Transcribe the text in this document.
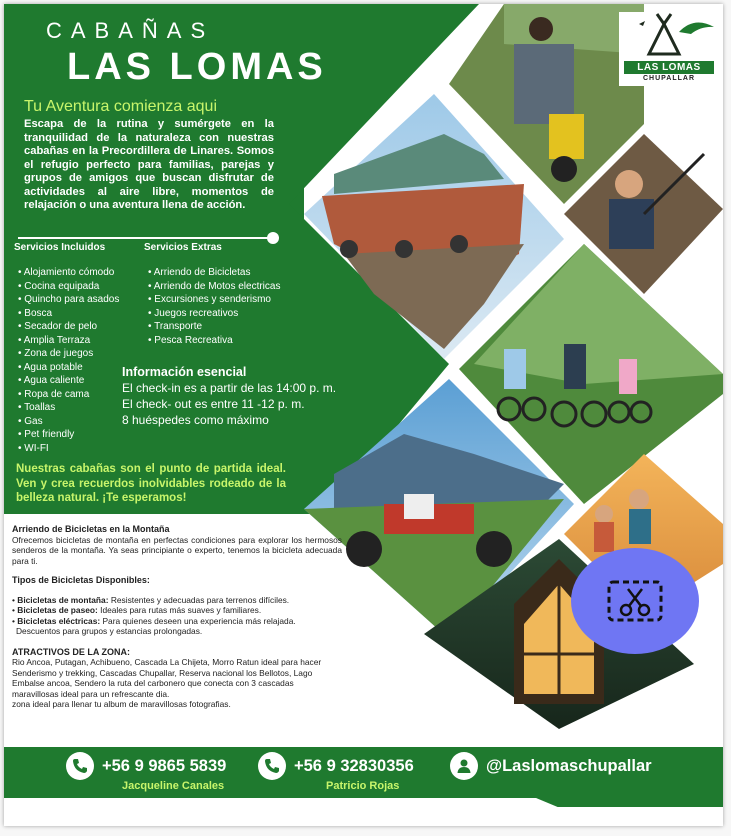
LAS LOMAS
CHUPALLAR
CABAÑAS
LAS LOMAS
Tu Aventura comienza aqui
Escapa de la rutina y sumérgete en la tranquilidad de la naturaleza con nuestras cabañas en la Precordillera de Linares. Somos el refugio perfecto para familias, parejas y grupos de amigos que buscan disfrutar de actividades al aire libre, momentos de relajación o una aventura llena de acción.
Servicios Incluidos	Servicios Extras
• Alojamiento cómodo
• Cocina equipada
• Quincho para asados
• Bosca
• Secador de pelo
• Amplia Terraza
• Zona de juegos
• Agua potable
• Agua caliente
• Ropa de cama
• Toallas
• Gas
• Pet friendly
• WI-FI
• Arriendo de Bicicletas
• Arriendo de Motos electricas
• Excursiones y senderismo
• Juegos recreativos
• Transporte
• Pesca Recreativa
Información esencial
El check-in es a partir de las 14:00 p. m.
El check- out es entre 11 -12 p. m.
8 huéspedes como máximo
Nuestras cabañas son el punto de partida ideal. Ven y crea recuerdos inolvidables rodeado de la belleza natural. ¡Te esperamos!

Arriendo de Bicicletas en la Montaña

Ofrecemos bicicletas de montaña en perfectas condiciones para explorar los hermosos senderos de la montaña. Ya seas principiante o experto, tenemos la bicicleta adecuada para ti.

Tipos de Bicicletas Disponibles:

• Bicicletas de montaña: Resistentes y adecuadas para terrenos difíciles.

• Bicicletas de paseo: Ideales para rutas más suaves y familiares.

• Bicicletas eléctricas: Para quienes deseen una experiencia más relajada.

Descuentos para grupos y estancias prolongadas.

ATRACTIVOS DE LA ZONA:

Rio Ancoa, Putagan, Achibueno, Cascada La Chijeta, Morro Ratun ideal para hacer Senderismo y trekking, Cascadas Chupallar, Reserva nacional los Bellotos, Lago Embalse ancoa, Sendero la ruta del carbonero que conecta con 3 cascadas maravillosas ideal para un refrescante dia.

zona ideal para llenar tu album de maravillosas fotografias.

+56 9 9865 5839
Jacqueline Canales
+56 9 32830356
Patricio Rojas
@Laslomaschupallar
